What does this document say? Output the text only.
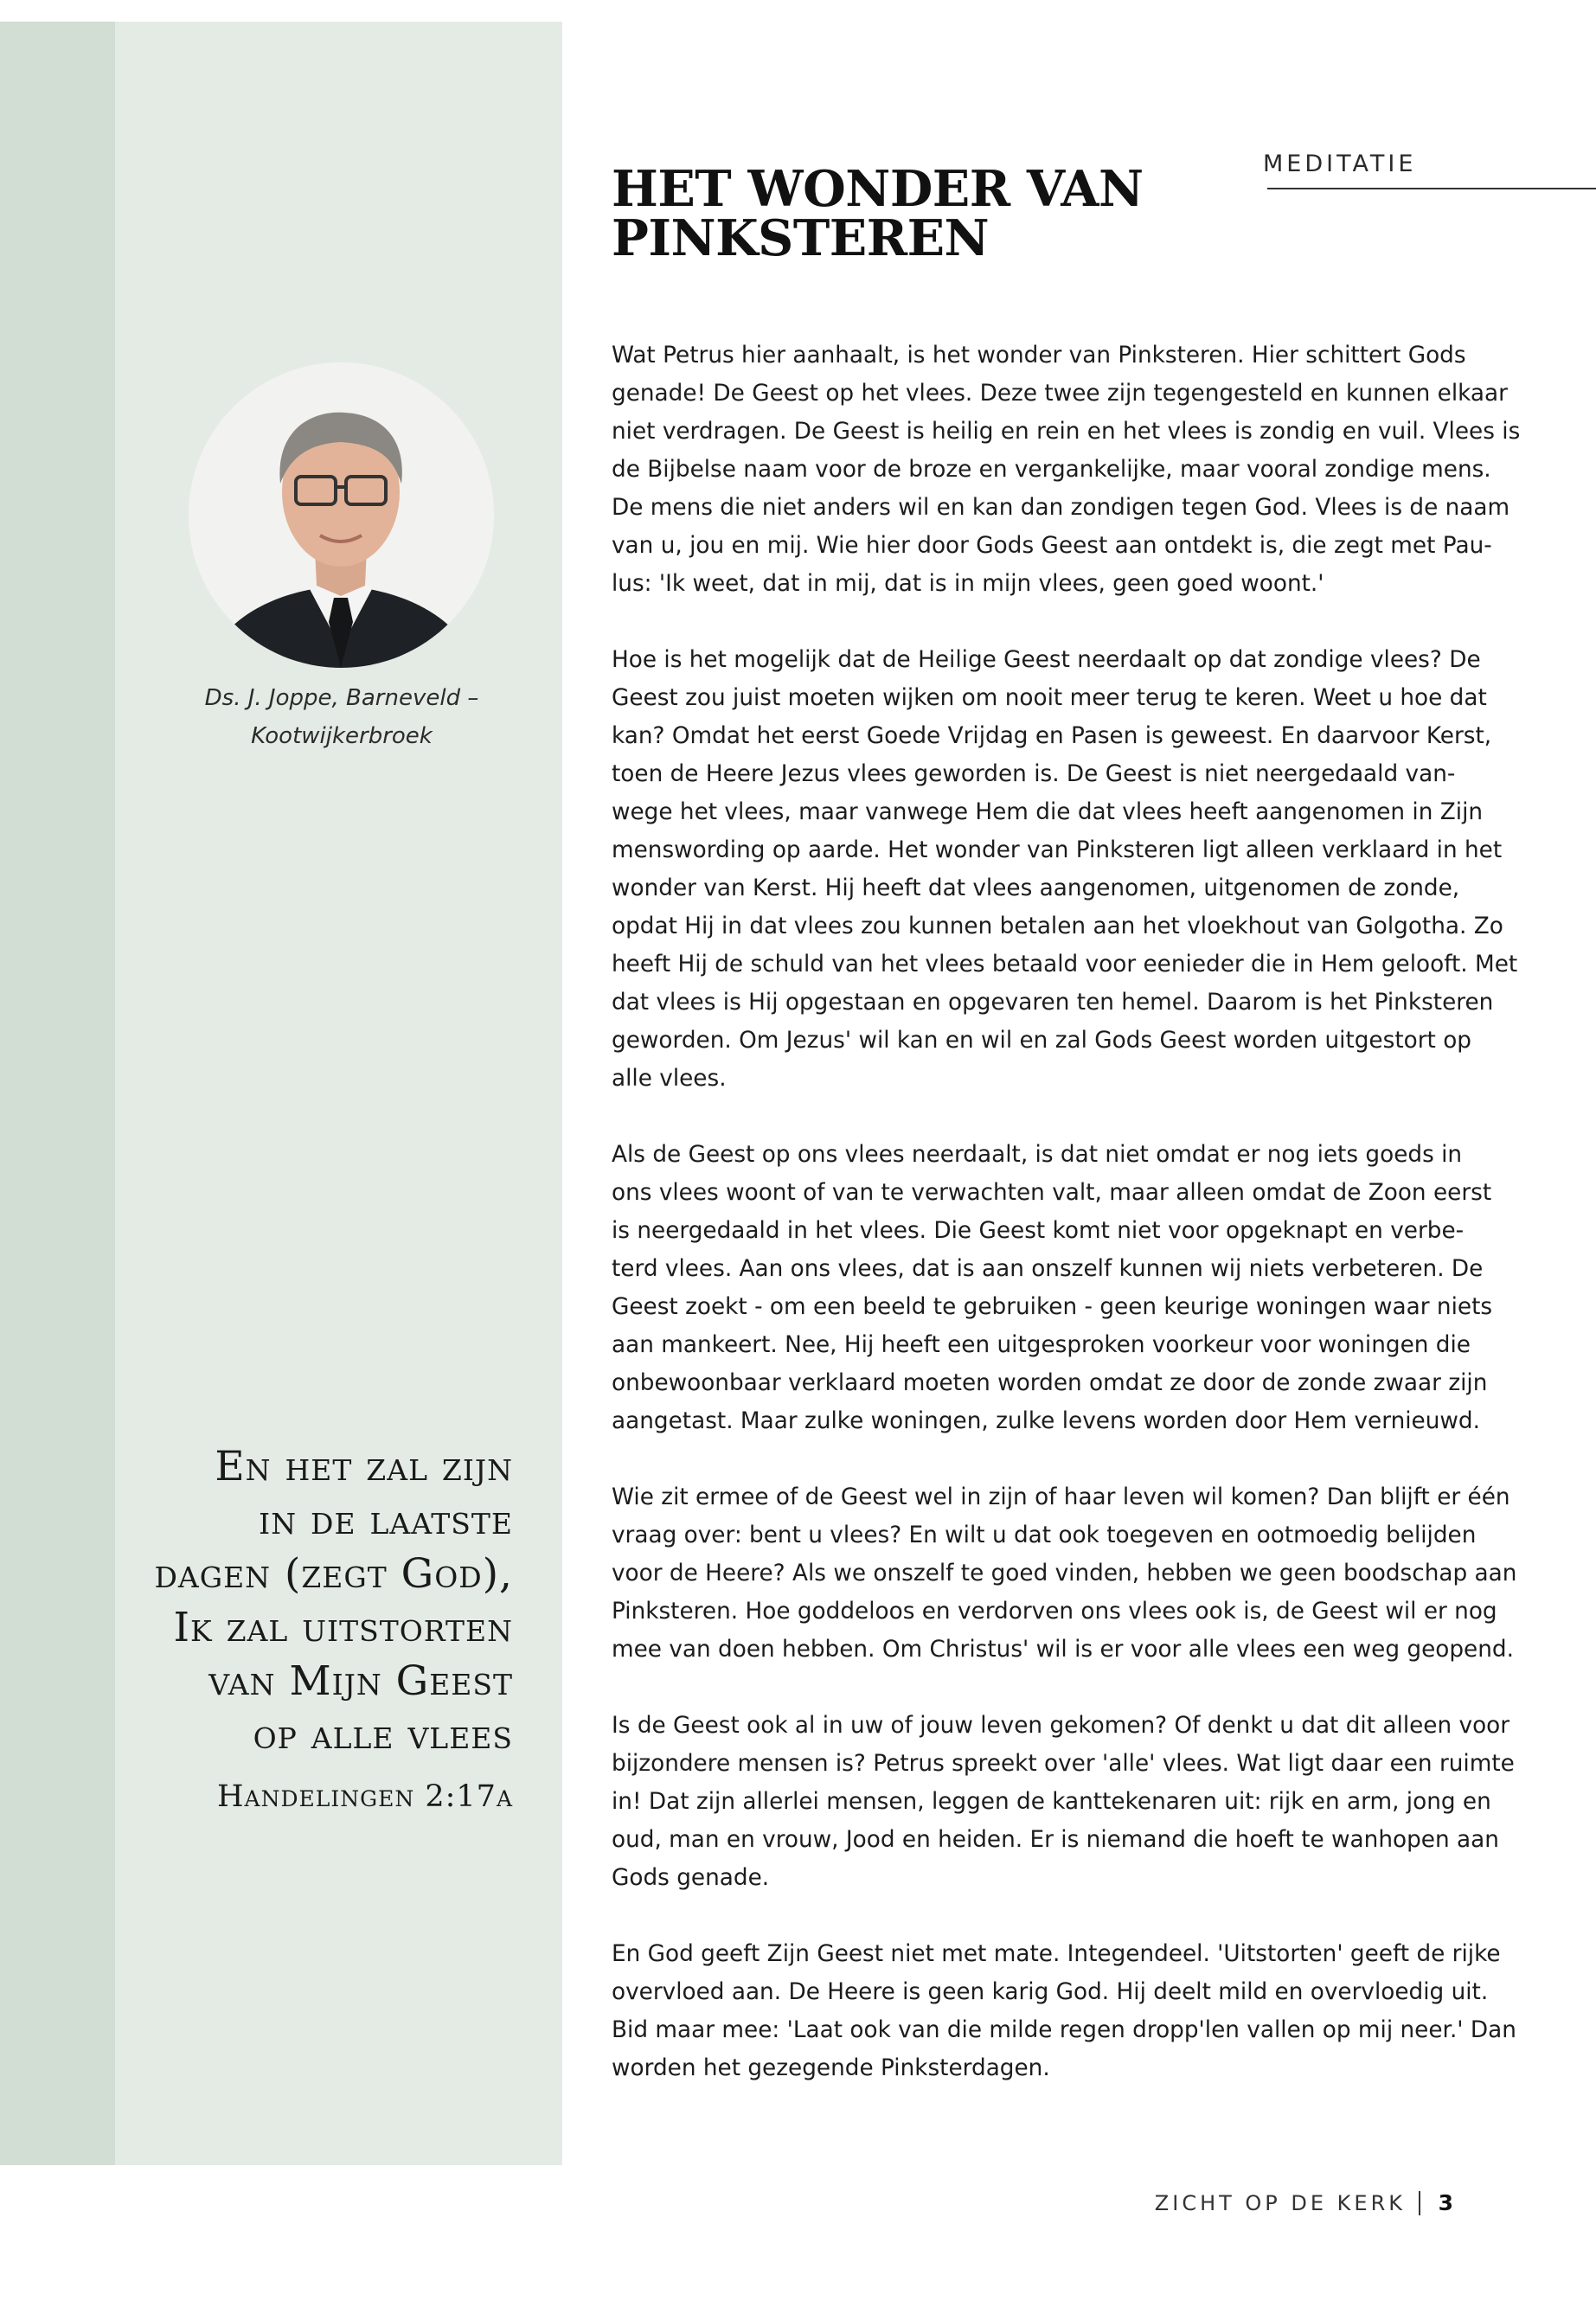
MEDITATIE
HET WONDER VAN
PINKSTEREN
Ds. J. Joppe, Barneveld –
Kootwijkerbroek
En het zal zijn
in de laatste
dagen (zegt God),
Ik zal uitstorten
van Mijn Geest
op alle vlees
Handelingen 2:17a

Wat Petrus hier aanhaalt, is het wonder van Pinksteren. Hier schittert Gods
genade! De Geest op het vlees. Deze twee zijn tegengesteld en kunnen elkaar
niet verdragen. De Geest is heilig en rein en het vlees is zondig en vuil. Vlees is
de Bijbelse naam voor de broze en vergankelijke, maar vooral zondige mens.
De mens die niet anders wil en kan dan zondigen tegen God. Vlees is de naam
van u, jou en mij. Wie hier door Gods Geest aan ontdekt is, die zegt met Pau-
lus: 'Ik weet, dat in mij, dat is in mijn vlees, geen goed woont.'

Hoe is het mogelijk dat de Heilige Geest neerdaalt op dat zondige vlees? De
Geest zou juist moeten wijken om nooit meer terug te keren. Weet u hoe dat
kan? Omdat het eerst Goede Vrijdag en Pasen is geweest. En daarvoor Kerst,
toen de Heere Jezus vlees geworden is. De Geest is niet neergedaald van-
wege het vlees, maar vanwege Hem die dat vlees heeft aangenomen in Zijn
menswording op aarde. Het wonder van Pinksteren ligt alleen verklaard in het
wonder van Kerst. Hij heeft dat vlees aangenomen, uitgenomen de zonde,
opdat Hij in dat vlees zou kunnen betalen aan het vloekhout van Golgotha. Zo
heeft Hij de schuld van het vlees betaald voor eenieder die in Hem gelooft. Met
dat vlees is Hij opgestaan en opgevaren ten hemel. Daarom is het Pinksteren
geworden. Om Jezus' wil kan en wil en zal Gods Geest worden uitgestort op
alle vlees.

Als de Geest op ons vlees neerdaalt, is dat niet omdat er nog iets goeds in
ons vlees woont of van te verwachten valt, maar alleen omdat de Zoon eerst
is neergedaald in het vlees. Die Geest komt niet voor opgeknapt en verbe-
terd vlees. Aan ons vlees, dat is aan onszelf kunnen wij niets verbeteren. De
Geest zoekt - om een beeld te gebruiken - geen keurige woningen waar niets
aan mankeert. Nee, Hij heeft een uitgesproken voorkeur voor woningen die
onbewoonbaar verklaard moeten worden omdat ze door de zonde zwaar zijn
aangetast. Maar zulke woningen, zulke levens worden door Hem vernieuwd.

Wie zit ermee of de Geest wel in zijn of haar leven wil komen? Dan blijft er één
vraag over: bent u vlees? En wilt u dat ook toegeven en ootmoedig belijden
voor de Heere? Als we onszelf te goed vinden, hebben we geen boodschap aan
Pinksteren. Hoe goddeloos en verdorven ons vlees ook is, de Geest wil er nog
mee van doen hebben. Om Christus' wil is er voor alle vlees een weg geopend.

Is de Geest ook al in uw of jouw leven gekomen? Of denkt u dat dit alleen voor
bijzondere mensen is? Petrus spreekt over 'alle' vlees. Wat ligt daar een ruimte
in! Dat zijn allerlei mensen, leggen de kanttekenaren uit: rijk en arm, jong en
oud, man en vrouw, Jood en heiden. Er is niemand die hoeft te wanhopen aan
Gods genade.

En God geeft Zijn Geest niet met mate. Integendeel. 'Uitstorten' geeft de rijke
overvloed aan. De Heere is geen karig God. Hij deelt mild en overvloedig uit.
Bid maar mee: 'Laat ook van die milde regen dropp'len vallen op mij neer.' Dan
worden het gezegende Pinksterdagen.

ZICHT OP DE KERK 3
